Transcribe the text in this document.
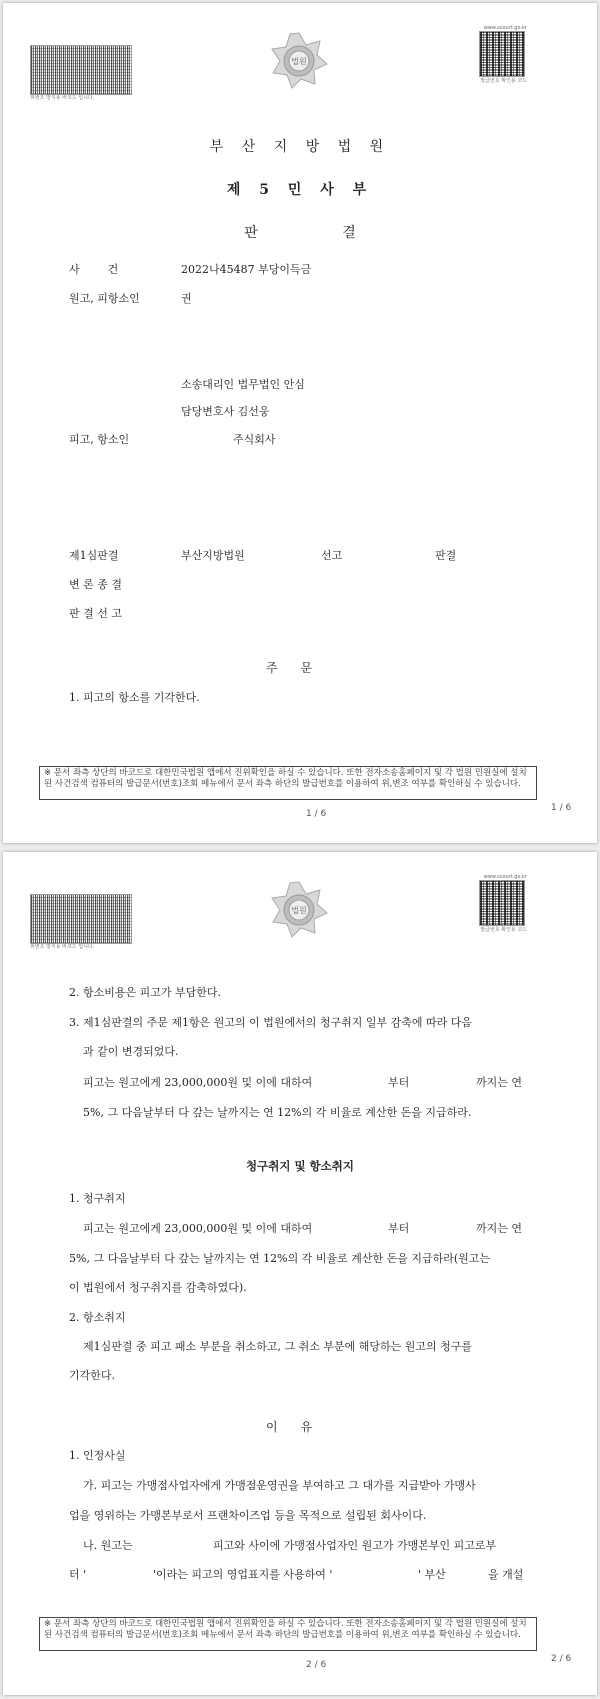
위변조 방지용 바코드 입니다.
법원
www.scourt.go.kr
발급번호 확인용 코드
부 산 지 방 법 원
제 5 민 사 부
판 결
사        건	2022나45487 부당이득금
원고, 피항소인	권
소송대리인 법무법인 안심
담당변호사 김선웅
피고, 항소인	주식회사
제1심판결	부산지방법원	선고	판결
변 론 종 결
판 결 선 고
주      문
1. 피고의 항소를 기각한다.
※ 문서 좌측 상단의 바코드로 대한민국법원 앱에서 진위확인을 하실 수 있습니다. 또한 전자소송홈페이지 및 각 법원 민원실에 설치된 사건검색 컴퓨터의 발급문서(번호)조회 메뉴에서 문서 좌측 하단의 발급번호를 이용하여 위,변조 여부를 확인하실 수 있습니다.
1 / 6
1 / 6
위변조 방지용 바코드 입니다.
법원
www.scourt.go.kr
발급번호 확인용 코드
2. 항소비용은 피고가 부담한다.
3. 제1심판결의 주문 제1항은 원고의 이 법원에서의 청구취지 일부 감축에 따라 다음
과 같이 변경되었다.
피고는 원고에게 23,000,000원 및 이에 대하여	부터	까지는 연
5%, 그 다음날부터 다 갚는 날까지는 연 12%의 각 비율로 계산한 돈을 지급하라.
청구취지 및 항소취지
1. 청구취지
피고는 원고에게 23,000,000원 및 이에 대하여	부터	까지는 연
5%, 그 다음날부터 다 갚는 날까지는 연 12%의 각 비율로 계산한 돈을 지급하라(원고는
이 법원에서 청구취지를 감축하였다).
2. 항소취지
제1심판결 중 피고 패소 부분을 취소하고, 그 취소 부분에 해당하는 원고의 청구를
기각한다.
이      유
1. 인정사실
가. 피고는 가맹점사업자에게 가맹점운영권을 부여하고 그 대가를 지급받아 가맹사
업을 영위하는 가맹본부로서 프랜차이즈업 등을 목적으로 설립된 회사이다.
나. 원고는	피고와 사이에 가맹점사업자인 원고가 가맹본부인 피고로부
터 '	'이라는 피고의 영업표지를 사용하여 '	' 부산	을 개설
※ 문서 좌측 상단의 바코드로 대한민국법원 앱에서 진위확인을 하실 수 있습니다. 또한 전자소송홈페이지 및 각 법원 민원실에 설치된 사건검색 컴퓨터의 발급문서(번호)조회 메뉴에서 문서 좌측 하단의 발급번호를 이용하여 위,변조 여부를 확인하실 수 있습니다.
2 / 6
2 / 6
